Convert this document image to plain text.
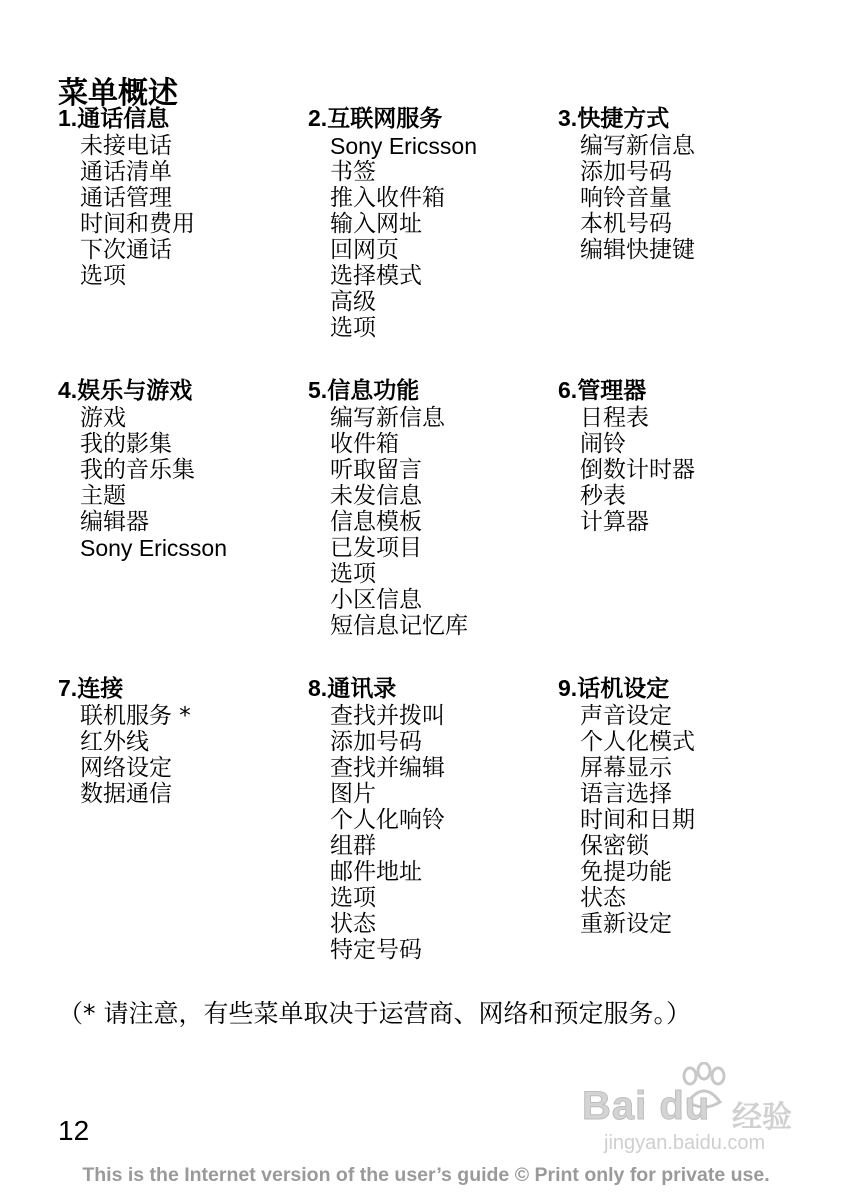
菜单概述
1.通话信息
未接电话
通话清单
通话管理
时间和费用
下次通话
选项
2.互联网服务
Sony Ericsson
书签
推入收件箱
输入网址
回网页
选择模式
高级
选项
3.快捷方式
编写新信息
添加号码
响铃音量
本机号码
编辑快捷键
4.娱乐与游戏
游戏
我的影集
我的音乐集
主题
编辑器
Sony Ericsson
5.信息功能
编写新信息
收件箱
听取留言
未发信息
信息模板
已发项目
选项
小区信息
短信息记忆库
6.管理器
日程表
闹铃
倒数计时器
秒表
计算器
7.连接
联机服务 *
红外线
网络设定
数据通信
8.通讯录
查找并拨叫
添加号码
查找并编辑
图片
个人化响铃
组群
邮件地址
选项
状态
特定号码
9.话机设定
声音设定
个人化模式
屏幕显示
语言选择
时间和日期
保密锁
免提功能
状态
重新设定

（* 请注意，有些菜单取决于运营商、网络和预定服务。）

12
Bai du 经验
jingyan.baidu.com
This is the Internet version of the user’s guide © Print only for private use.
